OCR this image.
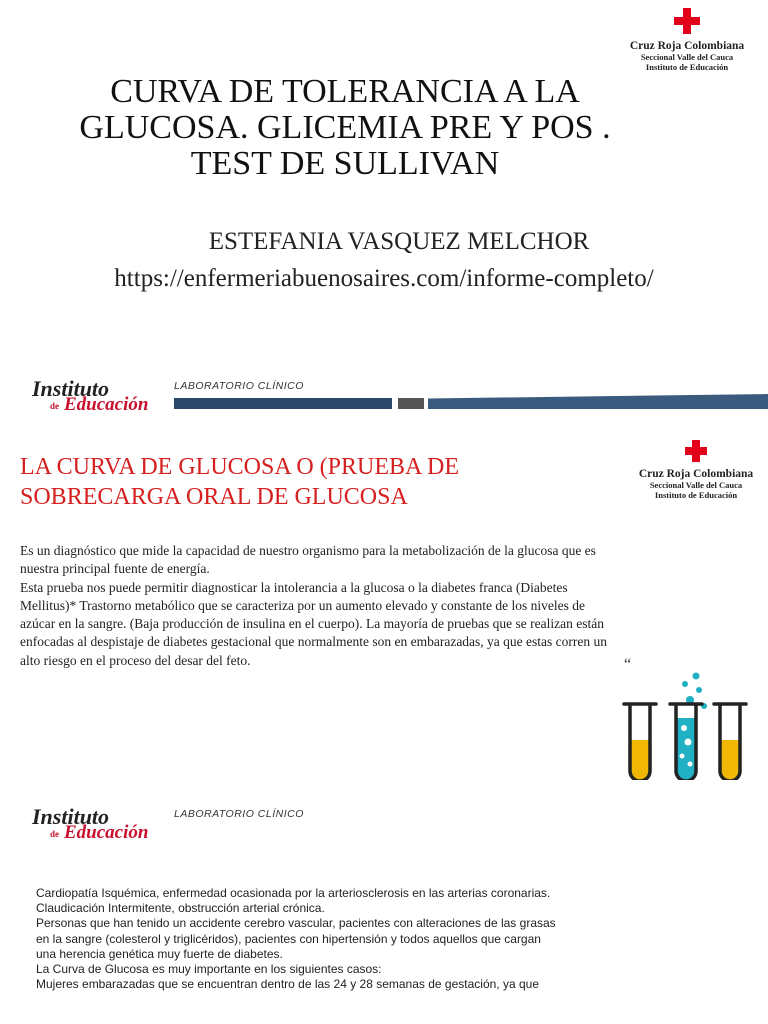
Cruz Roja Colombiana
Seccional Valle del Cauca
Instituto de Educación
CURVA DE TOLERANCIA A LA GLUCOSA. GLICEMIA PRE Y POS . TEST DE SULLIVAN
ESTEFANIA VASQUEZ MELCHOR
https://enfermeriabuenosaires.com/informe-completo/
Instituto
de Educación
LABORATORIO CLÍNICO
Cruz Roja Colombiana
Seccional Valle del Cauca
Instituto de Educación
LA CURVA DE GLUCOSA O (PRUEBA DE SOBRECARGA ORAL DE GLUCOSA

Es un diagnóstico que mide la capacidad de nuestro organismo para la metabolización de la glucosa que es nuestra principal fuente de energía.

Esta prueba nos puede permitir diagnosticar la intolerancia a la glucosa o la diabetes franca (Diabetes Mellitus)* Trastorno metabólico que se caracteriza por un aumento elevado y constante de los niveles de azúcar en la sangre. (Baja producción de insulina en el cuerpo). La mayoría de pruebas que se realizan están enfocadas al despistaje de diabetes gestacional que normalmente son en embarazadas, ya que estas corren un alto riesgo en el proceso del desar del feto.	“
Instituto
de Educación
LABORATORIO CLÍNICO

Cardiopatía Isquémica, enfermedad ocasionada por la arteriosclerosis en las arterias coronarias.

Claudicación Intermitente, obstrucción arterial crónica.

Personas que han tenido un accidente cerebro vascular, pacientes con alteraciones de las grasas en la sangre (colesterol y triglicéridos), pacientes con hipertensión y todos aquellos que cargan una herencia genética muy fuerte de diabetes.

La Curva de Glucosa es muy importante en los siguientes casos:

Mujeres embarazadas que se encuentran dentro de las 24 y 28 semanas de gestación, ya que
